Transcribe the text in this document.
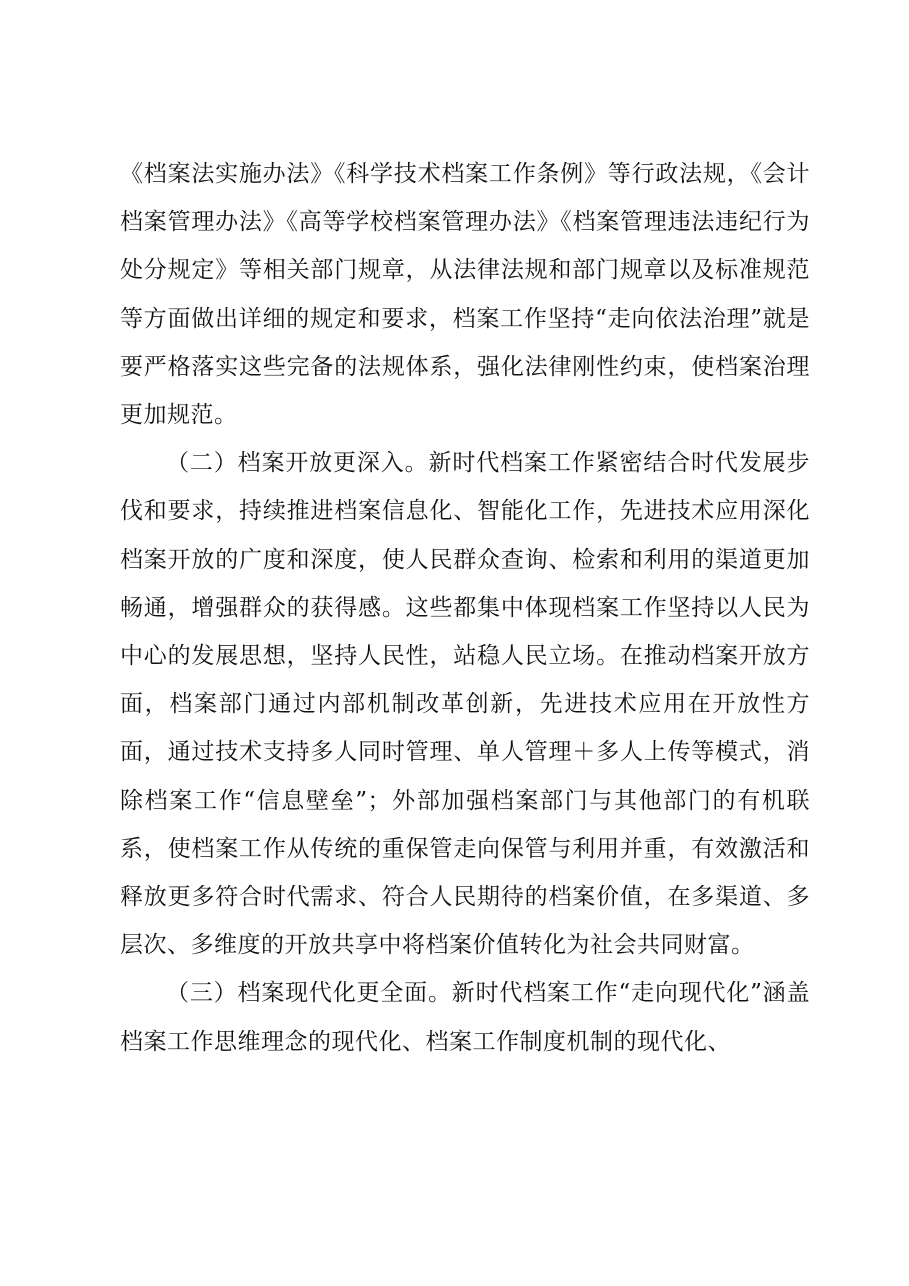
《档案法实施办法》《科学技术档案工作条例》等行政法规，《会计档案管理办法》《高等学校档案管理办法》《档案管理违法违纪行为处分规定》等相关部门规章，从法律法规和部门规章以及标准规范等方面做出详细的规定和要求，档案工作坚持“走向依法治理”就是要严格落实这些完备的法规体系，强化法律刚性约束，使档案治理更加规范。

（二）档案开放更深入。新时代档案工作紧密结合时代发展步伐和要求，持续推进档案信息化、智能化工作，先进技术应用深化档案开放的广度和深度，使人民群众查询、检索和利用的渠道更加畅通，增强群众的获得感。这些都集中体现档案工作坚持以人民为中心的发展思想，坚持人民性，站稳人民立场。在推动档案开放方面，档案部门通过内部机制改革创新，先进技术应用在开放性方面，通过技术支持多人同时管理、单人管理＋多人上传等模式，消除档案工作“信息壁垒”；外部加强档案部门与其他部门的有机联系，使档案工作从传统的重保管走向保管与利用并重，有效激活和释放更多符合时代需求、符合人民期待的档案价值，在多渠道、多层次、多维度的开放共享中将档案价值转化为社会共同财富。

（三）档案现代化更全面。新时代档案工作“走向现代化”涵盖档案工作思维理念的现代化、档案工作制度机制的现代化、
